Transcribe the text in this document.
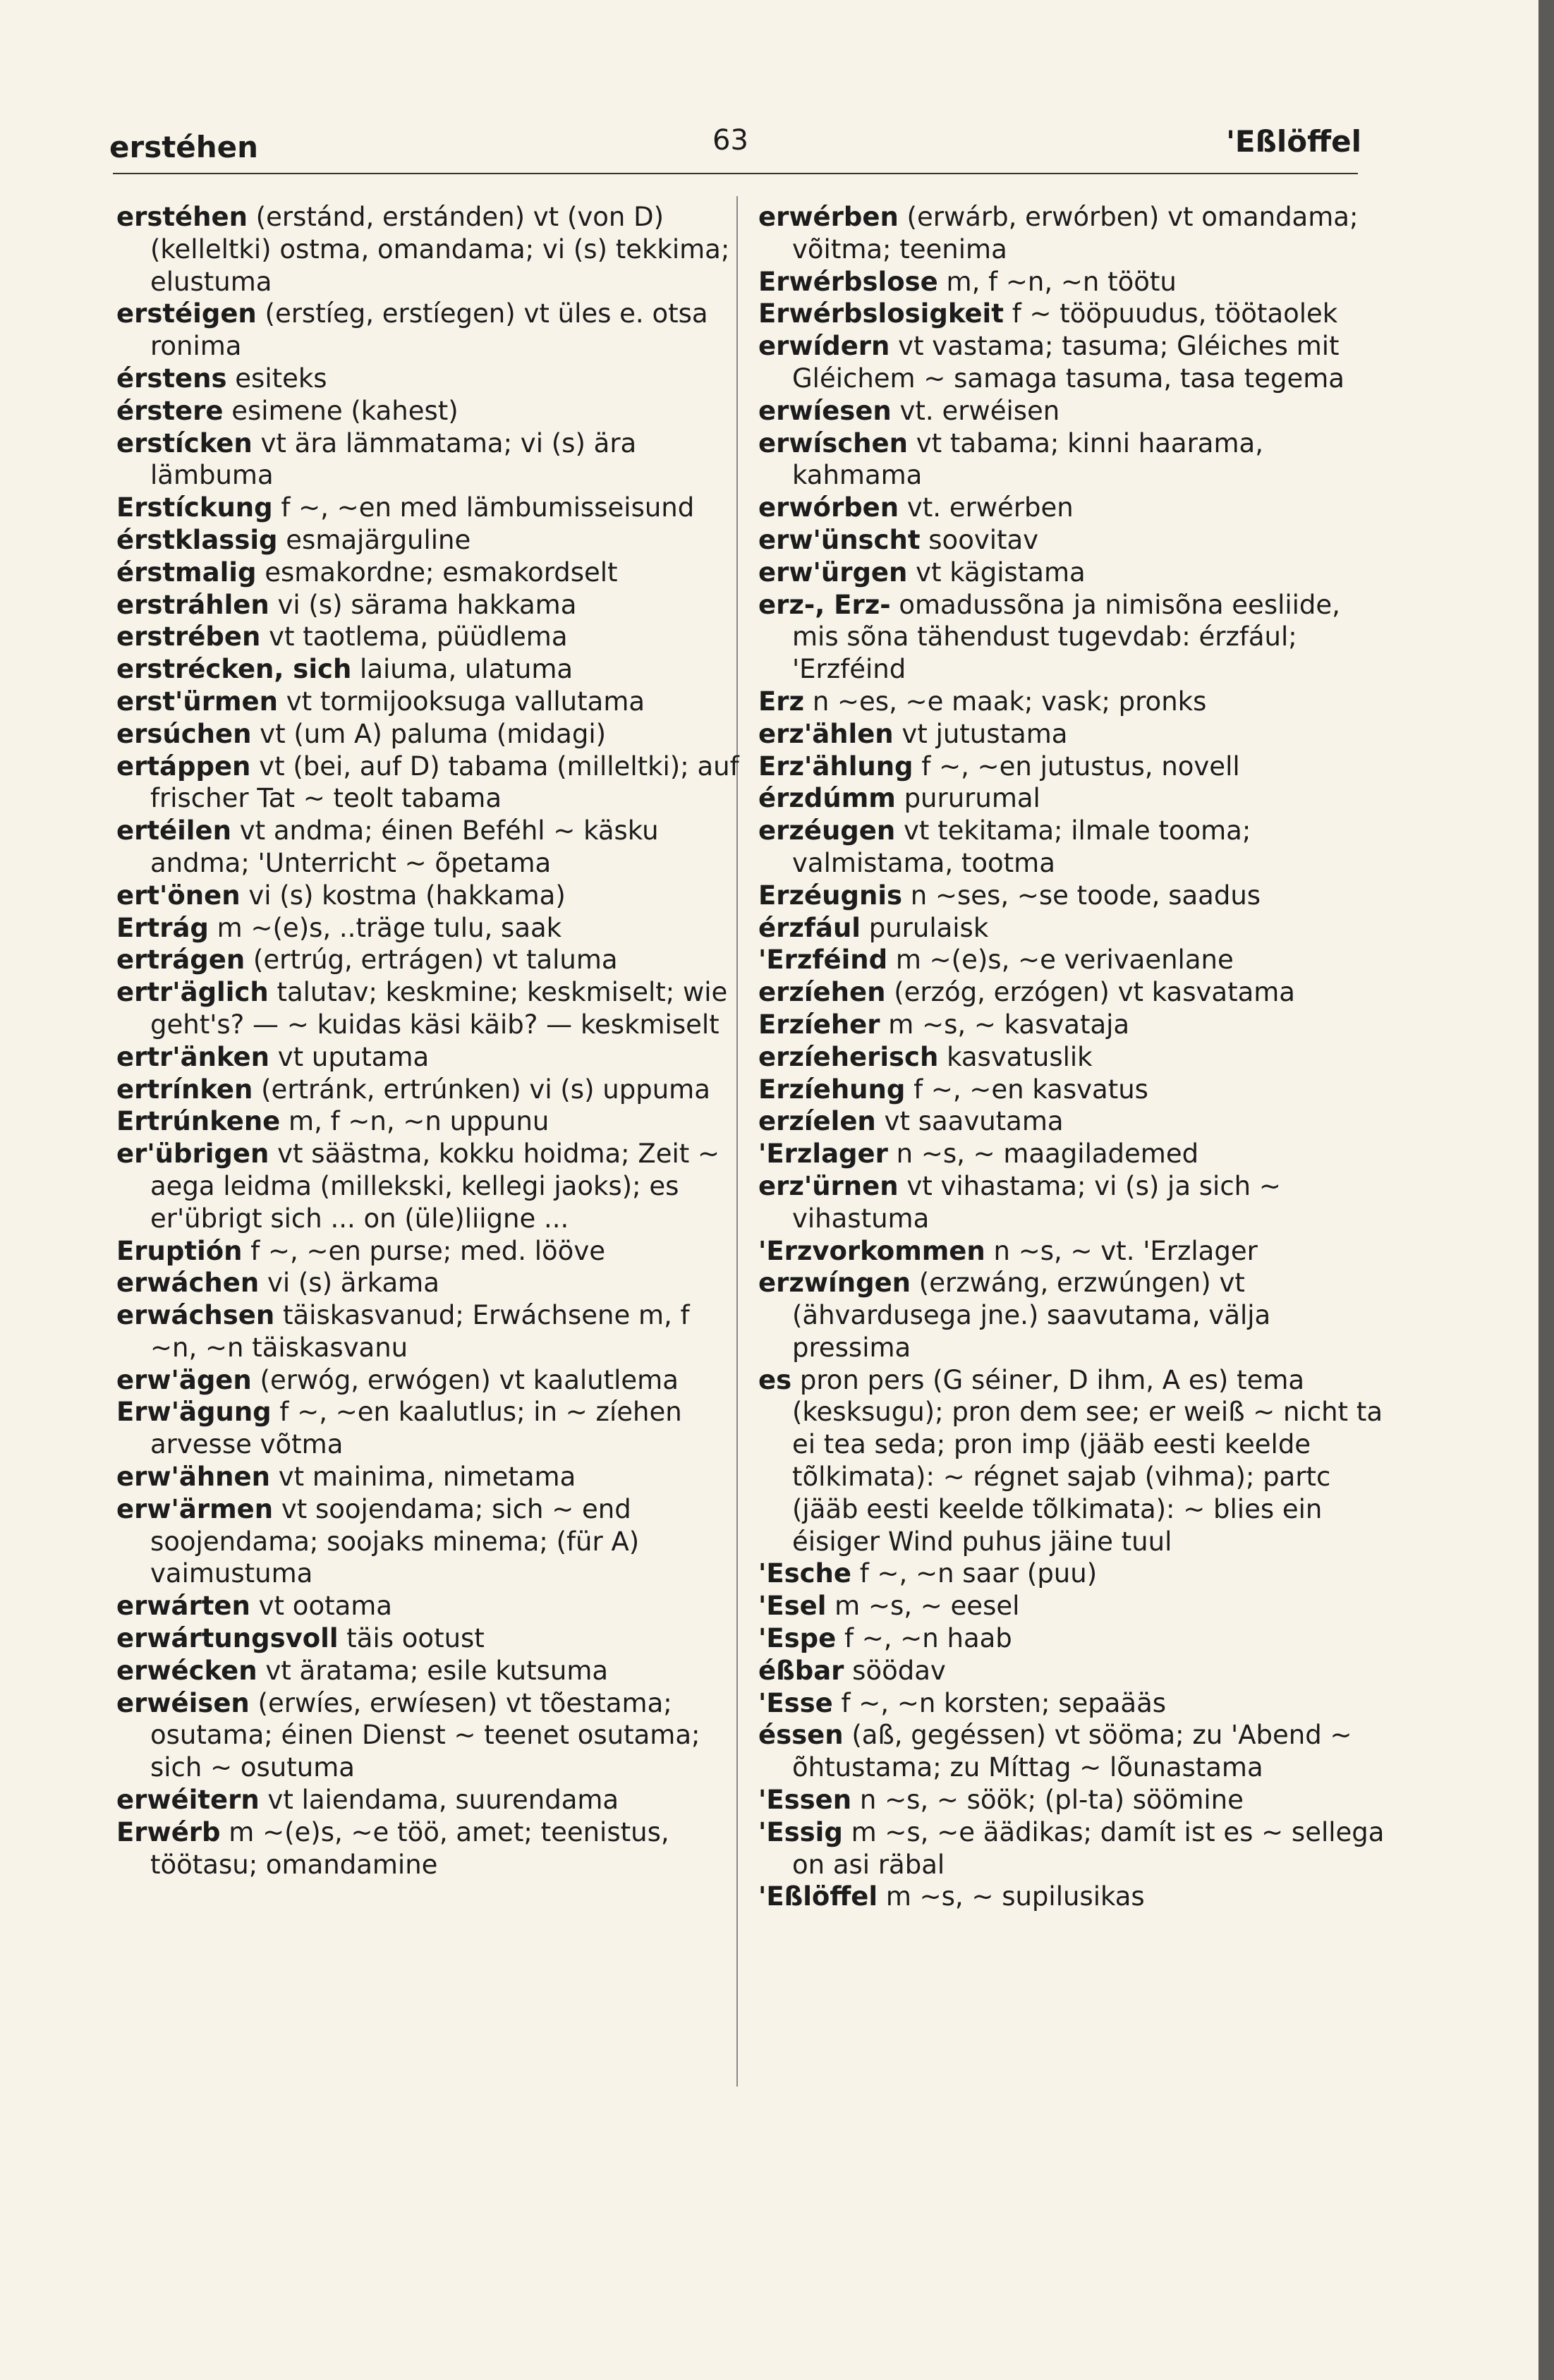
erstéhen	63	'Eßlöffel
erstéhen (erstánd, erstánden) vt (von D) (kelleltki) ostma, omandama; vi (s) tekkima; elustuma
erstéigen (erstíeg, erstíegen) vt üles e. otsa ronima
érstens esiteks
érstere esimene (kahest)
erstícken vt ära lämmatama; vi (s) ära lämbuma
Erstíckung f ~, ~en med lämbumisseisund
érstklassig esmajärguline
érstmalig esmakordne; esmakordselt
erstráhlen vi (s) särama hakkama
erstrében vt taotlema, püüdlema
erstrécken, sich laiuma, ulatuma
erst'ürmen vt tormijooksuga vallutama
ersúchen vt (um A) paluma (midagi)
ertáppen vt (bei, auf D) tabama (milleltki); auf frischer Tat ~ teolt tabama
ertéilen vt andma; éinen Beféhl ~ käsku andma; 'Unterricht ~ õpetama
ert'önen vi (s) kostma (hakkama)
Ertrág m ~(e)s, ..träge tulu, saak
ertrágen (ertrúg, ertrágen) vt taluma
ertr'äglich talutav; keskmine; keskmiselt; wie geht's? — ~ kuidas käsi käib? — keskmiselt
ertr'änken vt uputama
ertrínken (ertránk, ertrúnken) vi (s) uppuma
Ertrúnkene m, f ~n, ~n uppunu
er'übrigen vt säästma, kokku hoidma; Zeit ~ aega leidma (millekski, kellegi jaoks); es er'übrigt sich ... on (üle)liigne ...
Eruptión f ~, ~en purse; med. lööve
erwáchen vi (s) ärkama
erwáchsen täiskasvanud; Erwáchsene m, f ~n, ~n täiskasvanu
erw'ägen (erwóg, erwógen) vt kaalutlema
Erw'ägung f ~, ~en kaalutlus; in ~ zíehen arvesse võtma
erw'ähnen vt mainima, nimetama
erw'ärmen vt soojendama; sich ~ end soojendama; soojaks minema; (für A) vaimustuma
erwárten vt ootama
erwártungsvoll täis ootust
erwécken vt äratama; esile kutsuma
erwéisen (erwíes, erwíesen) vt tõestama; osutama; éinen Dienst ~ teenet osutama; sich ~ osutuma
erwéitern vt laiendama, suurendama
Erwérb m ~(e)s, ~e töö, amet; teenistus, töötasu; omandamine
erwérben (erwárb, erwórben) vt omandama; võitma; teenima
Erwérbslose m, f ~n, ~n töötu
Erwérbslosigkeit f ~ tööpuudus, töötaolek
erwídern vt vastama; tasuma; Gléiches mit Gléichem ~ samaga tasuma, tasa tegema
erwíesen vt. erwéisen
erwíschen vt tabama; kinni haarama, kahmama
erwórben vt. erwérben
erw'ünscht soovitav
erw'ürgen vt kägistama
erz-, Erz- omadussõna ja nimisõna eesliide, mis sõna tähendust tugevdab: érzfául; 'Erzféind
Erz n ~es, ~e maak; vask; pronks
erz'ählen vt jutustama
Erz'ählung f ~, ~en jutustus, novell
érzdúmm pururumal
erzéugen vt tekitama; ilmale tooma; valmistama, tootma
Erzéugnis n ~ses, ~se toode, saadus
érzfául purulaisk
'Erzféind m ~(e)s, ~e verivaenlane
erzíehen (erzóg, erzógen) vt kasvatama
Erzíeher m ~s, ~ kasvataja
erzíeherisch kasvatuslik
Erzíehung f ~, ~en kasvatus
erzíelen vt saavutama
'Erzlager n ~s, ~ maagilademed
erz'ürnen vt vihastama; vi (s) ja sich ~ vihastuma
'Erzvorkommen n ~s, ~ vt. 'Erzlager
erzwíngen (erzwáng, erzwúngen) vt (ähvardusega jne.) saavutama, välja pressima
es pron pers (G séiner, D ihm, A es) tema (kesksugu); pron dem see; er weiß ~ nicht ta ei tea seda; pron imp (jääb eesti keelde tõlkimata): ~ régnet sajab (vihma); partc (jääb eesti keelde tõlkimata): ~ blies ein éisiger Wind puhus jäine tuul
'Esche f ~, ~n saar (puu)
'Esel m ~s, ~ eesel
'Espe f ~, ~n haab
éßbar söödav
'Esse f ~, ~n korsten; sepaääs
éssen (aß, gegéssen) vt sööma; zu 'Abend ~ õhtustama; zu Míttag ~ lõunastama
'Essen n ~s, ~ söök; (pl-ta) söömine
'Essig m ~s, ~e äädikas; damít ist es ~ sellega on asi räbal
'Eßlöffel m ~s, ~ supilusikas
